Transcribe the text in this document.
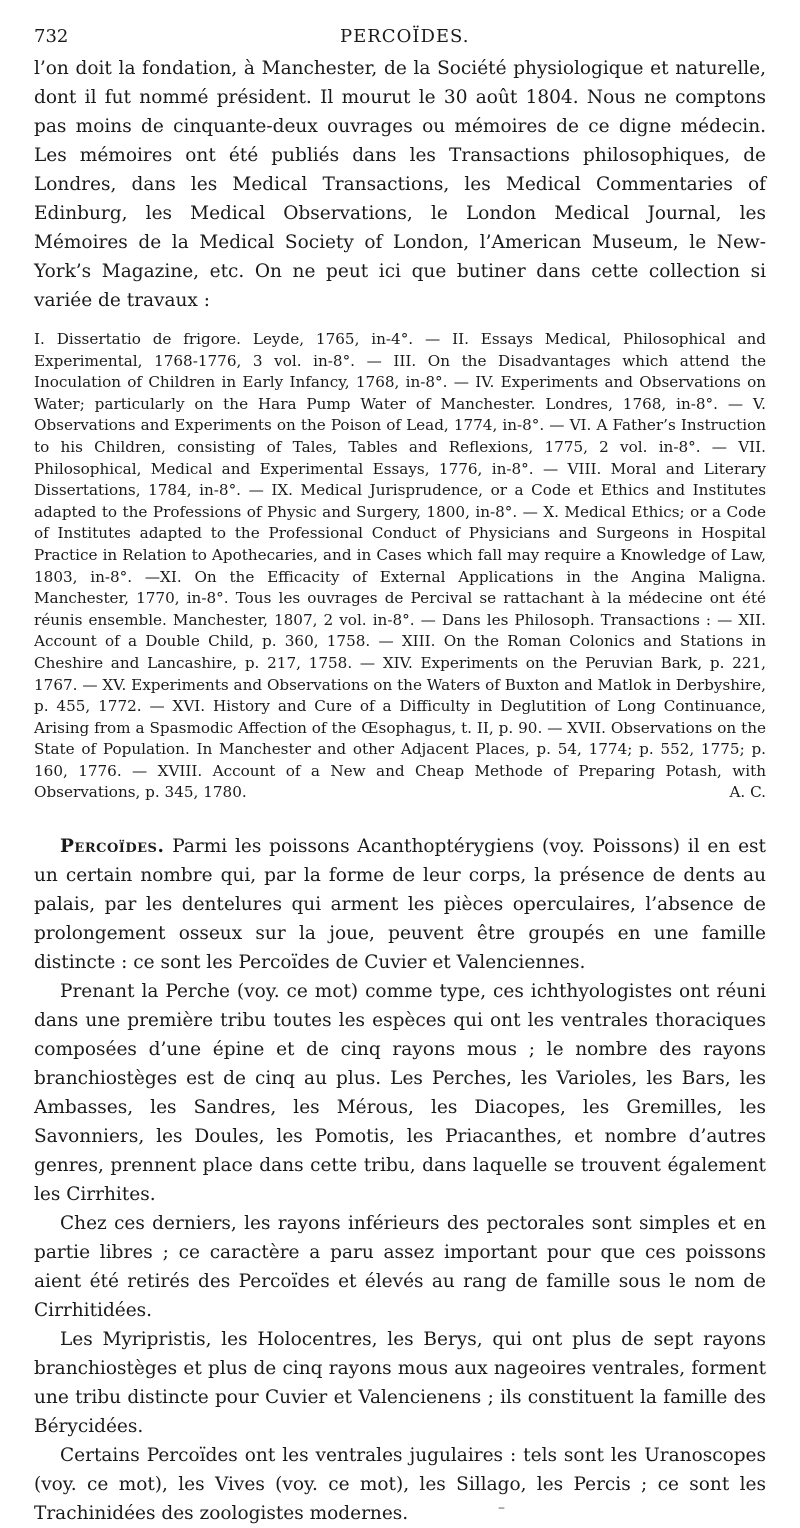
732	PERCOÏDES.

l’on doit la fondation, à Manchester, de la Société physiologique et naturelle, dont il fut nommé président. Il mourut le 30 août 1804. Nous ne comptons pas moins de cinquante-deux ouvrages ou mémoires de ce digne médecin. Les mémoires ont été publiés dans les Transactions philosophiques, de Londres, dans les Medical Transactions, les Medical Commentaries of Edinburg, les Medical Observations, le London Medical Journal, les Mémoires de la Medical Society of London, l’American Museum, le New-York’s Magazine, etc. On ne peut ici que butiner dans cette collection si variée de travaux :

I. Dissertatio de frigore. Leyde, 1765, in-4°. — II. Essays Medical, Philosophical and Experimental, 1768-1776, 3 vol. in-8°. — III. On the Disadvantages which attend the Inoculation of Children in Early Infancy, 1768, in-8°. — IV. Experiments and Observations on Water; particularly on the Hara Pump Water of Manchester. Londres, 1768, in-8°. — V. Observations and Experiments on the Poison of Lead, 1774, in-8°. — VI. A Father’s Instruction to his Children, consisting of Tales, Tables and Reflexions, 1775, 2 vol. in-8°. — VII. Philosophical, Medical and Experimental Essays, 1776, in-8°. — VIII. Moral and Literary Dissertations, 1784, in-8°. — IX. Medical Jurisprudence, or a Code et Ethics and Institutes adapted to the Professions of Physic and Surgery, 1800, in-8°. — X. Medical Ethics; or a Code of Institutes adapted to the Professional Conduct of Physicians and Surgeons in Hospital Practice in Relation to Apothecaries, and in Cases which fall may require a Knowledge of Law, 1803, in-8°. —XI. On the Efficacity of External Applications in the Angina Maligna. Manchester, 1770, in-8°. Tous les ouvrages de Percival se rattachant à la médecine ont été réunis ensemble. Manchester, 1807, 2 vol. in-8°. — Dans les Philosoph. Transactions : — XII. Account of a Double Child, p. 360, 1758. — XIII. On the Roman Colonics and Stations in Cheshire and Lancashire, p. 217, 1758. — XIV. Experiments on the Peruvian Bark, p. 221, 1767. — XV. Experiments and Observations on the Waters of Buxton and Matlok in Derbyshire, p. 455, 1772. — XVI. History and Cure of a Difficulty in Deglutition of Long Continuance, Arising from a Spasmodic Affection of the Œsophagus, t. II, p. 90. — XVII. Observations on the State of Population. In Manchester and other Adjacent Places, p. 54, 1774; p. 552, 1775; p. 160, 1776. — XVIII. Account of a New and Cheap Methode of Preparing Potash, with Observations, p. 345, 1780.	A. C.

Percoïdes. Parmi les poissons Acanthoptérygiens (voy. Poissons) il en est un certain nombre qui, par la forme de leur corps, la présence de dents au palais, par les dentelures qui arment les pièces operculaires, l’absence de prolongement osseux sur la joue, peuvent être groupés en une famille distincte : ce sont les Percoïdes de Cuvier et Valenciennes.

Prenant la Perche (voy. ce mot) comme type, ces ichthyologistes ont réuni dans une première tribu toutes les espèces qui ont les ventrales thoraciques composées d’une épine et de cinq rayons mous ; le nombre des rayons branchiostèges est de cinq au plus. Les Perches, les Varioles, les Bars, les Ambasses, les Sandres, les Mérous, les Diacopes, les Gremilles, les Savonniers, les Doules, les Pomotis, les Priacanthes, et nombre d’autres genres, prennent place dans cette tribu, dans laquelle se trouvent également les Cirrhites.

Chez ces derniers, les rayons inférieurs des pectorales sont simples et en partie libres ; ce caractère a paru assez important pour que ces poissons aient été retirés des Percoïdes et élevés au rang de famille sous le nom de Cirrhitidées.

Les Myripristis, les Holocentres, les Berys, qui ont plus de sept rayons branchiostèges et plus de cinq rayons mous aux nageoires ventrales, forment une tribu distincte pour Cuvier et Valencienens ; ils constituent la famille des Bérycidées.

Certains Percoïdes ont les ventrales jugulaires : tels sont les Uranoscopes (voy. ce mot), les Vives (voy. ce mot), les Sillago, les Percis ; ce sont les Trachinidées des zoologistes modernes.	–
